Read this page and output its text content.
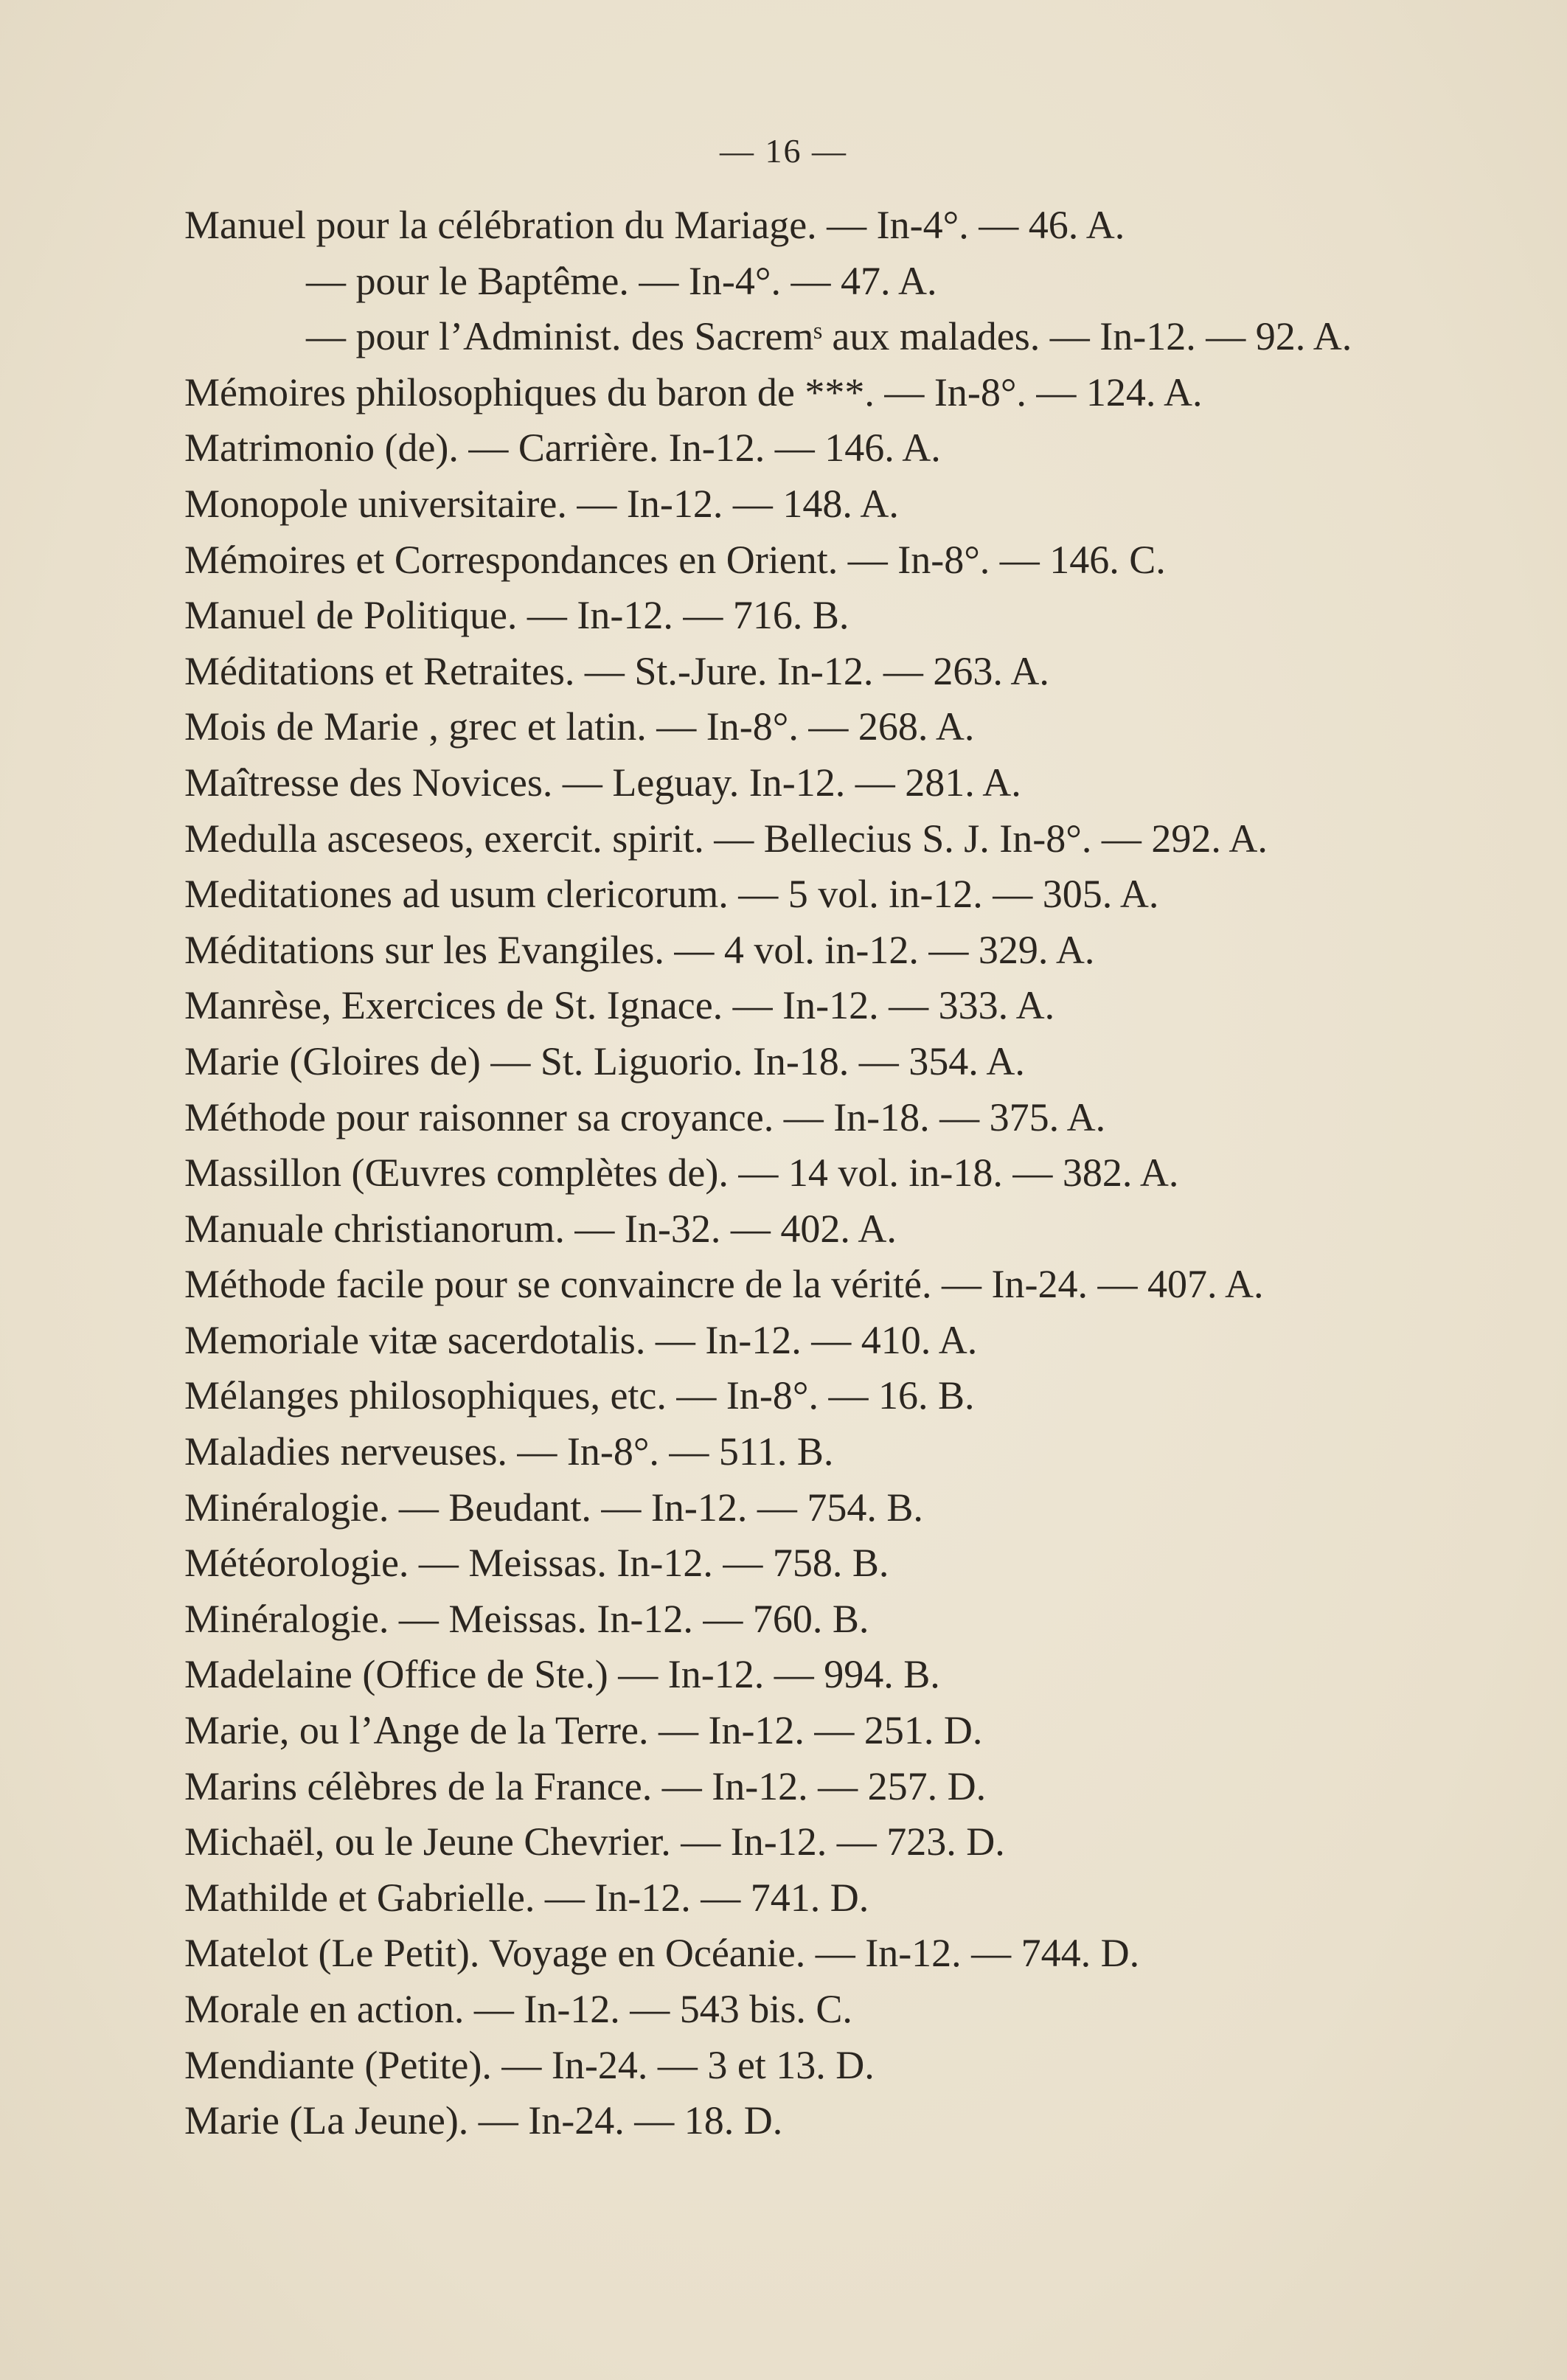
— 16 —
Manuel pour la célébration du Mariage. — In-4°. — 46. A.
— pour le Baptême. — In-4°. — 47. A.
— pour l’Administ. des Sacremˢ aux malades. — In-12. — 92. A.
Mémoires philosophiques du baron de ***. — In-8°. — 124. A.
Matrimonio (de). — Carrière. In-12. — 146. A.
Monopole universitaire. — In-12. — 148. A.
Mémoires et Correspondances en Orient. — In-8°. — 146. C.
Manuel de Politique. — In-12. — 716. B.
Méditations et Retraites. — St.-Jure. In-12. — 263. A.
Mois de Marie , grec et latin. — In-8°. — 268. A.
Maîtresse des Novices. — Leguay. In-12. — 281. A.
Medulla asceseos, exercit. spirit. — Bellecius S. J. In-8°. — 292. A.
Meditationes ad usum clericorum. — 5 vol. in-12. — 305. A.
Méditations sur les Evangiles. — 4 vol. in-12. — 329. A.
Manrèse, Exercices de St. Ignace. — In-12. — 333. A.
Marie (Gloires de) — St. Liguorio. In-18. — 354. A.
Méthode pour raisonner sa croyance. — In-18. — 375. A.
Massillon (Œuvres complètes de). — 14 vol. in-18. — 382. A.
Manuale christianorum. — In-32. — 402. A.
Méthode facile pour se convaincre de la vérité. — In-24. — 407. A.
Memoriale vitæ sacerdotalis. — In-12. — 410. A.
Mélanges philosophiques, etc. — In-8°. — 16. B.
Maladies nerveuses. — In-8°. — 511. B.
Minéralogie. — Beudant. — In-12. — 754. B.
Météorologie. — Meissas. In-12. — 758. B.
Minéralogie. — Meissas. In-12. — 760. B.
Madelaine (Office de Ste.) — In-12. — 994. B.
Marie, ou l’Ange de la Terre. — In-12. — 251. D.
Marins célèbres de la France. — In-12. — 257. D.
Michaël, ou le Jeune Chevrier. — In-12. — 723. D.
Mathilde et Gabrielle. — In-12. — 741. D.
Matelot (Le Petit). Voyage en Océanie. — In-12. — 744. D.
Morale en action. — In-12. — 543 bis. C.
Mendiante (Petite). — In-24. — 3 et 13. D.
Marie (La Jeune). — In-24. — 18. D.
